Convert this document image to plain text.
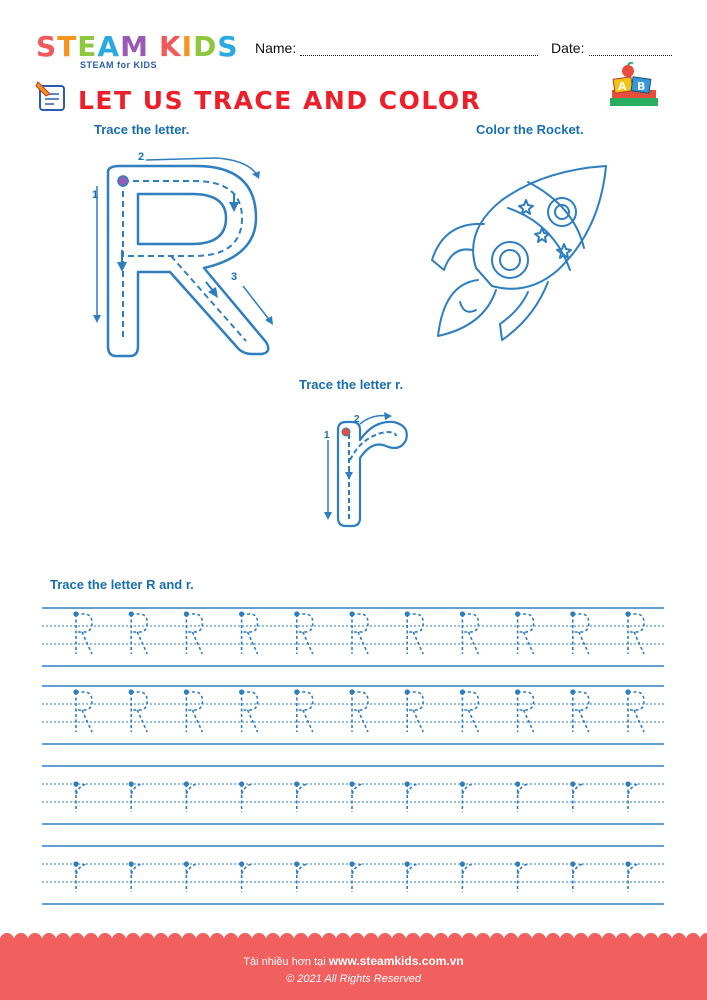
S T E A M K I D S
STEAM for KIDS
Name:	Date:
LET US TRACE AND COLOR	A B
Trace the letter.	Color the Rocket.
Trace the letter r.
Trace the letter R and r.
1
2
3
1
2
Tải nhiều hơn tại www.steamkids.com.vn
© 2021 All Rights Reserved
